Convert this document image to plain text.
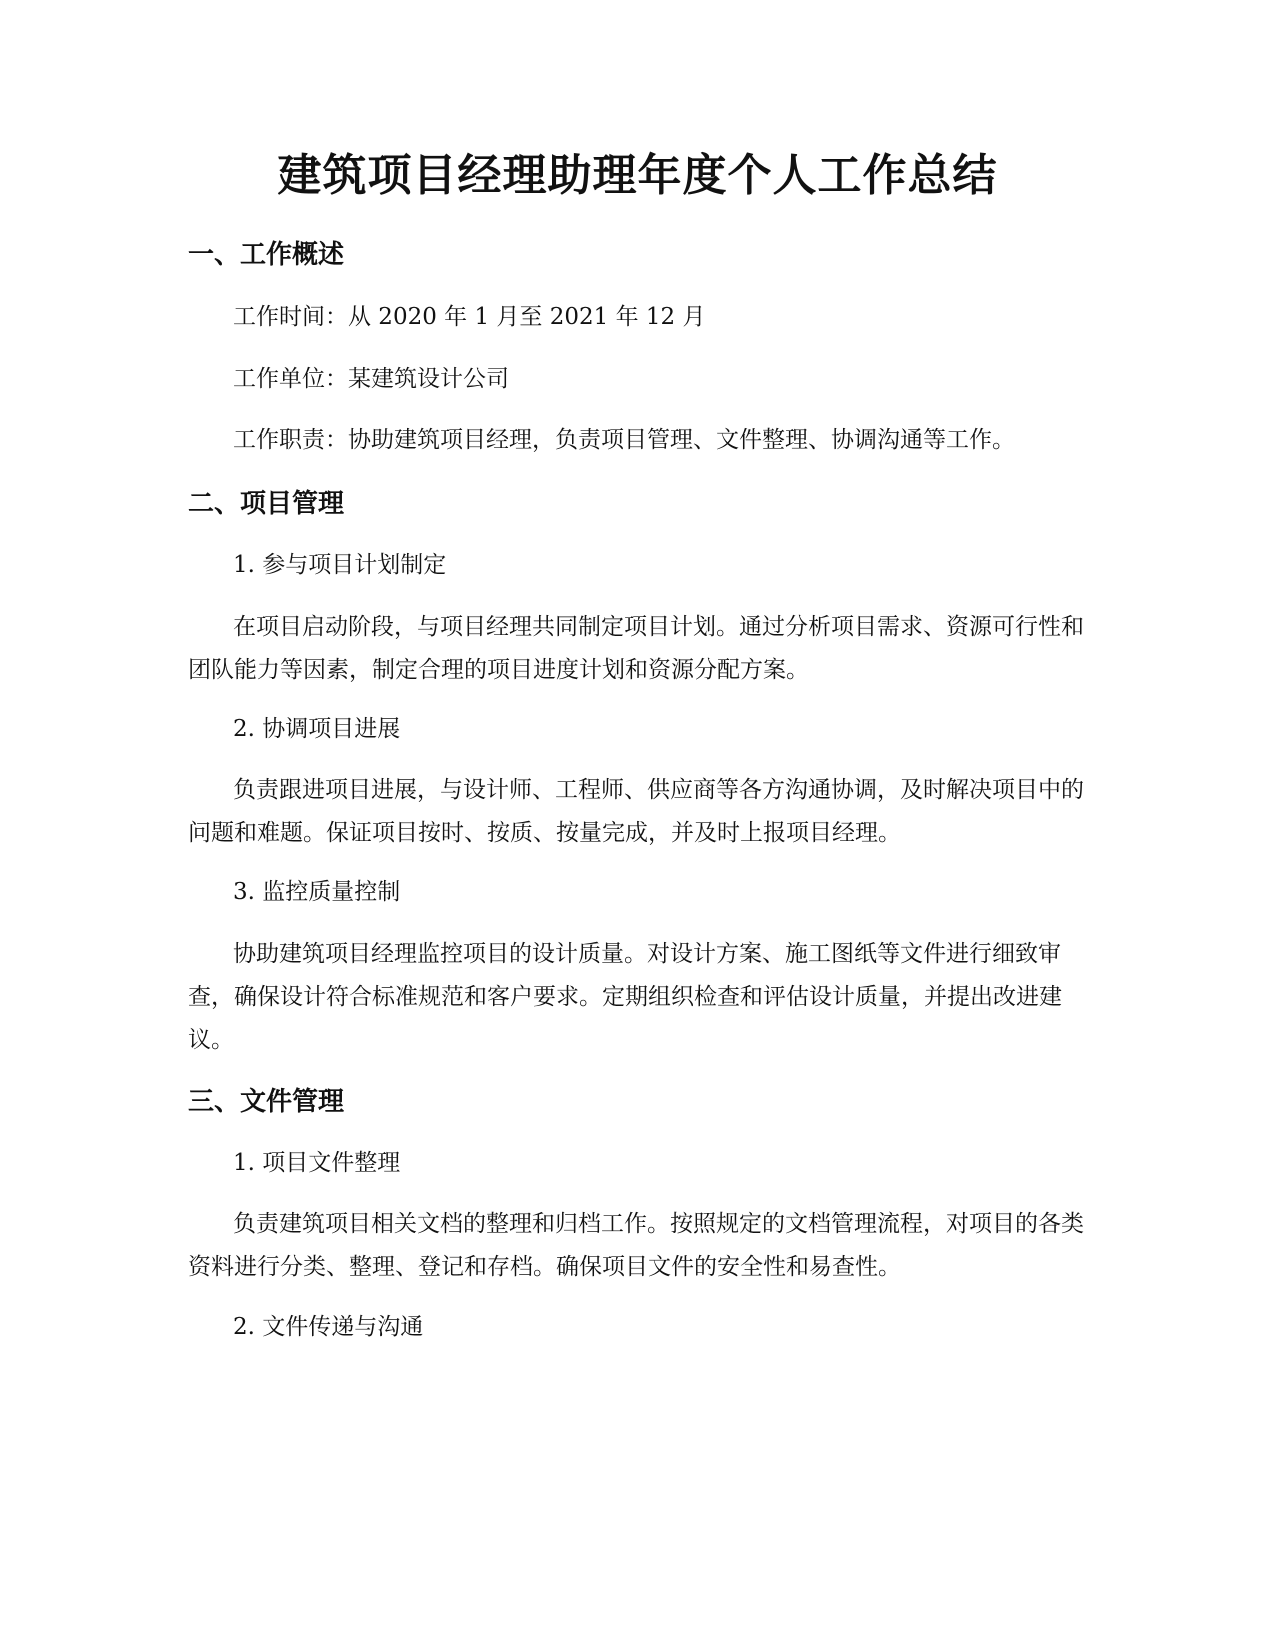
建筑项目经理助理年度个人工作总结
一、工作概述

工作时间：从 2020 年 1 月至 2021 年 12 月

工作单位：某建筑设计公司

工作职责：协助建筑项目经理，负责项目管理、文件整理、协调沟通等工作。

二、项目管理

1. 参与项目计划制定

在项目启动阶段，与项目经理共同制定项目计划。通过分析项目需求、资源可行性和团队能力等因素，制定合理的项目进度计划和资源分配方案。

2. 协调项目进展

负责跟进项目进展，与设计师、工程师、供应商等各方沟通协调，及时解决项目中的问题和难题。保证项目按时、按质、按量完成，并及时上报项目经理。

3. 监控质量控制

协助建筑项目经理监控项目的设计质量。对设计方案、施工图纸等文件进行细致审查，确保设计符合标准规范和客户要求。定期组织检查和评估设计质量，并提出改进建议。

三、文件管理

1. 项目文件整理

负责建筑项目相关文档的整理和归档工作。按照规定的文档管理流程，对项目的各类资料进行分类、整理、登记和存档。确保项目文件的安全性和易查性。

2. 文件传递与沟通
